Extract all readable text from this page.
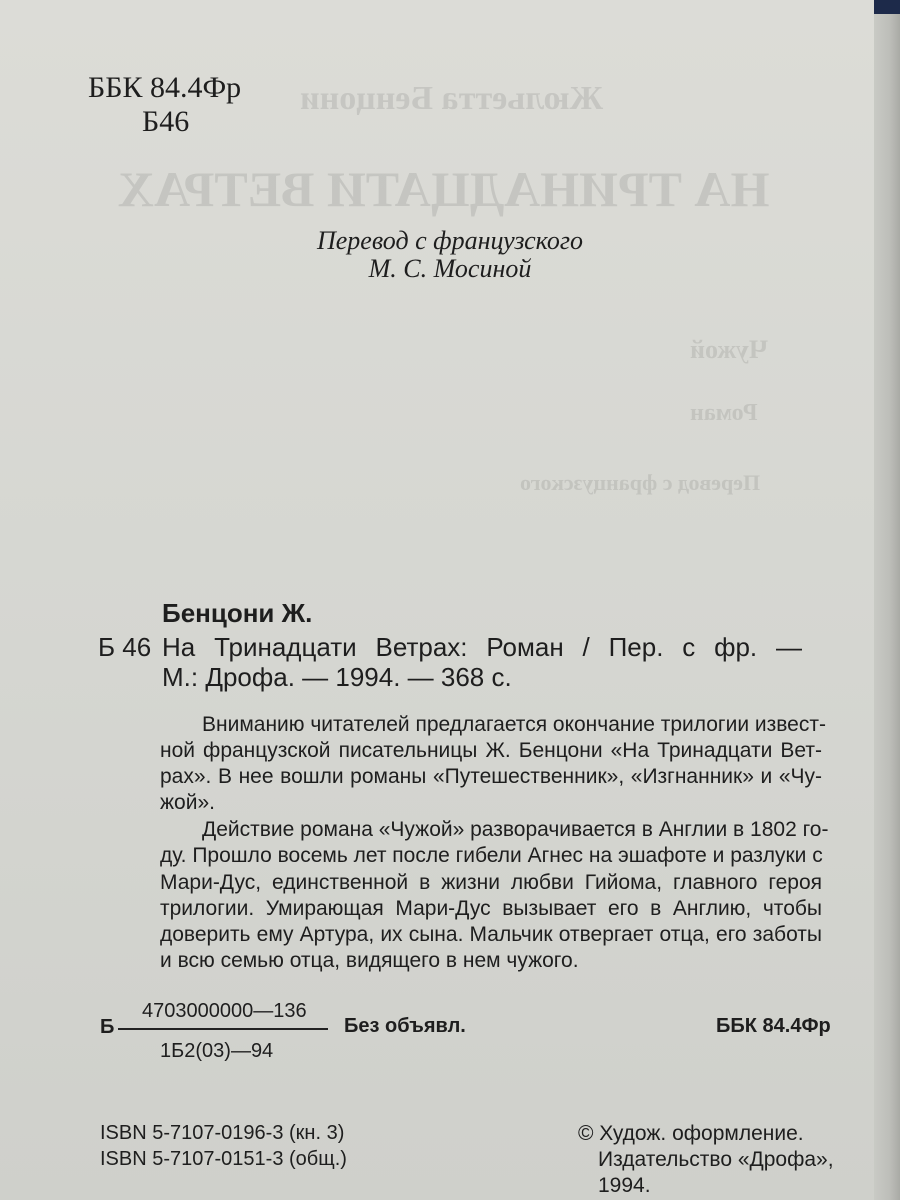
Жюльетта Бенцони
НА ТРИНАДЦАТИ ВЕТРАХ
Чужой
Роман
Перевод с французского
ББК 84.4Фр
Б46
Перевод с французского
М. С. Мосиной
Бенцони Ж.
Б 46 На Тринадцати Ветрах: Роман / Пер. с фр. —
М.: Дрофа. — 1994. — 368 с.
Вниманию читателей предлагается окончание трилогии извест-
ной французской писательницы Ж. Бенцони «На Тринадцати Вет-
рах». В нее вошли романы «Путешественник», «Изгнанник» и «Чу-
жой».
Действие романа «Чужой» разворачивается в Англии в 1802 го-
ду. Прошло восемь лет после гибели Агнес на эшафоте и разлуки с
Мари-Дус, единственной в жизни любви Гийома, главного героя
трилогии. Умирающая Мари-Дус вызывает его в Англию, чтобы
доверить ему Артура, их сына. Мальчик отвергает отца, его заботы
и всю семью отца, видящего в нем чужого.
Б
4703000000—136
1Б2(03)—94
Без объявл.	ББК 84.4Фр
ISBN 5-7107-0196-3 (кн. 3)
ISBN 5-7107-0151-3 (общ.)
© Худож. оформление.
Издательство «Дрофа»,
1994.
